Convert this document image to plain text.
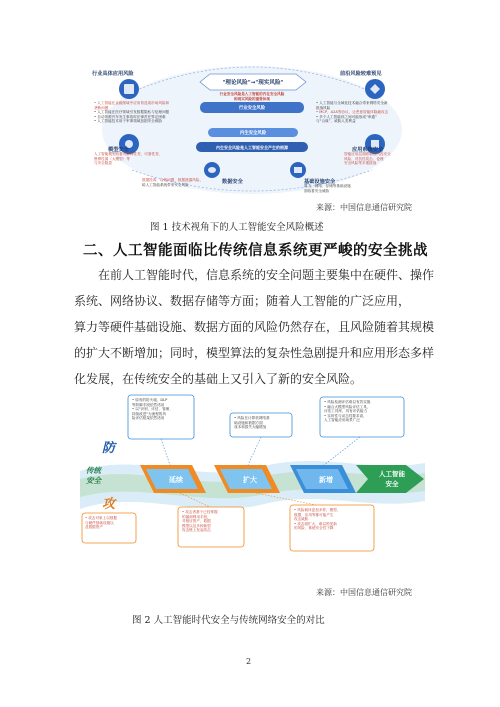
"理论风险"→"现实风险"
行业安全风险是人工智能的内在安全风险
和现实风险的重要体现
行业安全风险
内生安全风险
内生安全风险是人工智能安全产生的根源
行业具体应用风险
• 人工智能在金融领域中应用易造成市场风险和
垄断问题
• 人工智能在医疗领域引发数据隐私与伦理问题
• 自动驾驶汽车发生事故时法律责任界定困难
• 人工智能技术用于军事领域加剧安全威胁
前沿风险较难预见
• 人工智能与全域化技术融合带来网络安全新
挑战风险
• MCP、A2A等协议，让恶意智能体隐蔽攻击
• 多个人工智能体之间可能形成“串通”
与“合谋”，威胁人类利益
模型安全
人工智能模型有着可解释性差、可靠性差、
鲁棒性弱（大模型）等
与安全隐患
应用系统安全
智能应用层面面临着内容安全
风险、对抗性攻击、伦理
安全风险等多重挑战
数据安全
数据投毒、合规问题、数据泄露风险，
给人工智能系统带来安全风险	基础设施安全
算力、网络、存储等基础设施
面临着安全威胁
来源：中国信息通信研究院
图 1 技术视角下的人工智能安全风险概述
二、人工智能面临比传统信息系统更严峻的安全挑战
在前人工智能时代，信息系统的安全问题主要集中在硬件、操作
系统、网络协议、数据存储等方面；随着人工智能的广泛应用，
算力等硬件基础设施、数据方面的风险仍然存在，且风险随着其规模
的扩大不断增加；同时，模型算法的复杂性急剧提升和应用形态多样
化发展，在传统安全的基础上又引入了新的安全风险。
防
攻
传统
安全	延续	扩大	新增
人工智能
安全
• 原有的防火墙、DLP
等防御手段依然适用
• 以"识别、评估、管理、
持续改进"为流程的风
险评估框架依然适用	• 风险在计算机网络基
础设施和数据方面
成本和损失大幅增加
• 风险检测评估难以有效实施
• 融合大模型风险评估工具，
评估工具库，具有评估能力
• 实时性与动态性要求高，
人工智能应用场景广泛
• 攻击对象上以数据
与硬件基础设施以
及数据资产
• 攻击者基于已经掌握
的漏洞利用手段，
对相应资产、数据
模型以及多种新型
攻击链上发起攻击
• 风险载体更加多样，模型、
数据、应用等都可能产生
攻击威胁
• 攻击面扩大，难以预见新
的风险，系统安全性下降
来源：中国信息通信研究院
图 2 人工智能时代安全与传统网络安全的对比
2
